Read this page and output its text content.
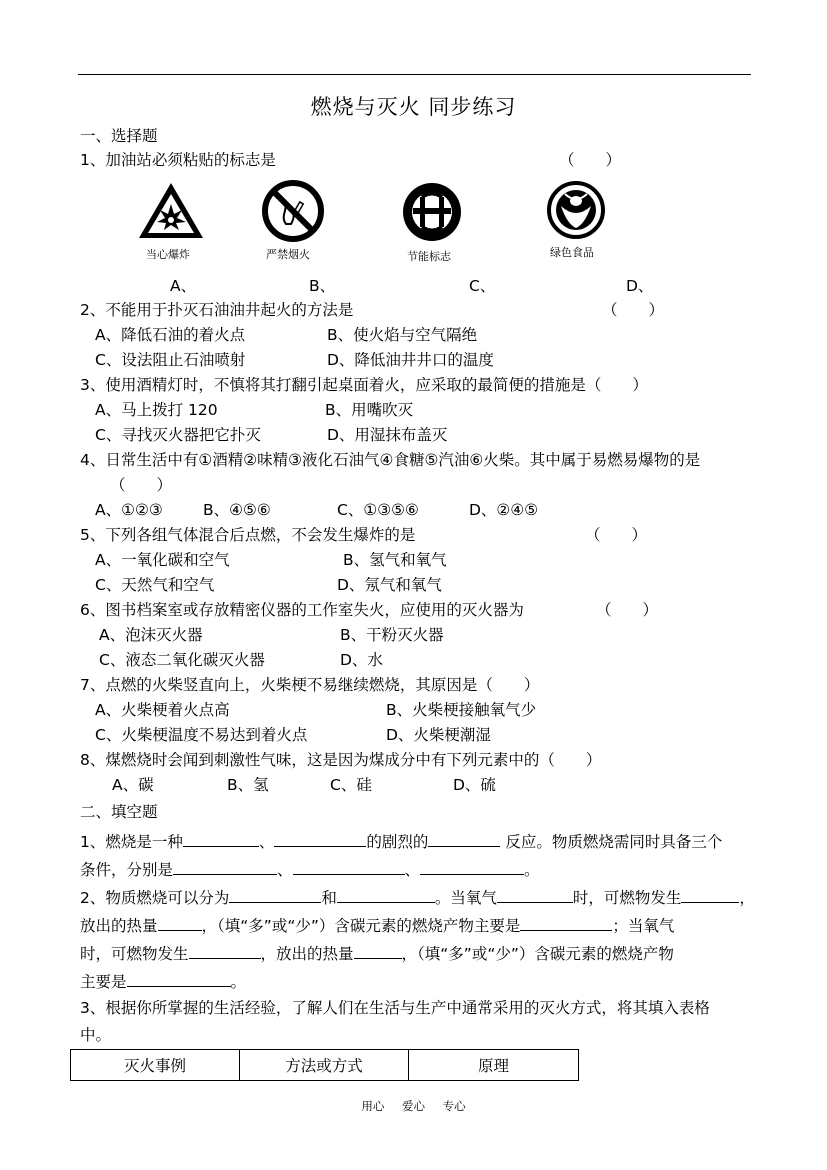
燃烧与灭火 同步练习
一、选择题
1、加油站必须粘贴的标志是	（　　）
当心爆炸	严禁烟火	节能标志	绿色食品
A、	B、	C、	D、
2、不能用于扑灭石油油井起火的方法是	（　　）
A、降低石油的着火点	B、使火焰与空气隔绝
C、设法阻止石油喷射	D、降低油井井口的温度
3、使用酒精灯时，不慎将其打翻引起桌面着火，应采取的最简便的措施是（　　）
A、马上拨打 120	B、用嘴吹灭
C、寻找灭火器把它扑灭	D、用湿抹布盖灭
4、日常生活中有①酒精②味精③液化石油气④食糖⑤汽油⑥火柴。其中属于易燃易爆物的是
（　　）
A、①②③	B、④⑤⑥	C、①③⑤⑥	D、②④⑤
5、下列各组气体混合后点燃，不会发生爆炸的是	（　　）
A、一氧化碳和空气	B、氢气和氧气
C、天然气和空气	D、氖气和氧气
6、图书档案室或存放精密仪器的工作室失火，应使用的灭火器为	（　　）
A、泡沫灭火器	B、干粉灭火器
C、液态二氧化碳灭火器	D、水
7、点燃的火柴竖直向上，火柴梗不易继续燃烧，其原因是（　　）
A、火柴梗着火点高	B、火柴梗接触氧气少
C、火柴梗温度不易达到着火点	D、火柴梗潮湿
8、煤燃烧时会闻到刺激性气味，这是因为煤成分中有下列元素中的（　　）
A、碳	B、氢	C、硅	D、硫
二、填空题
1、燃烧是一种	、	的剧烈的	反应。物质燃烧需同时具备三个
条件，分别是	、	、	。
2、物质燃烧可以分为	和	。当氧气	时，可燃物发生	，
放出的热量	，（填“多”或“少”）含碳元素的燃烧产物主要是	；当氧气
时，可燃物发生	，放出的热量	，（填“多”或“少”）含碳元素的燃烧产物
主要是	。
3、根据你所掌握的生活经验，了解人们在生活与生产中通常采用的灭火方式，将其填入表格
中。
灭火事例	方法或方式	原理
用心 爱心 专心
